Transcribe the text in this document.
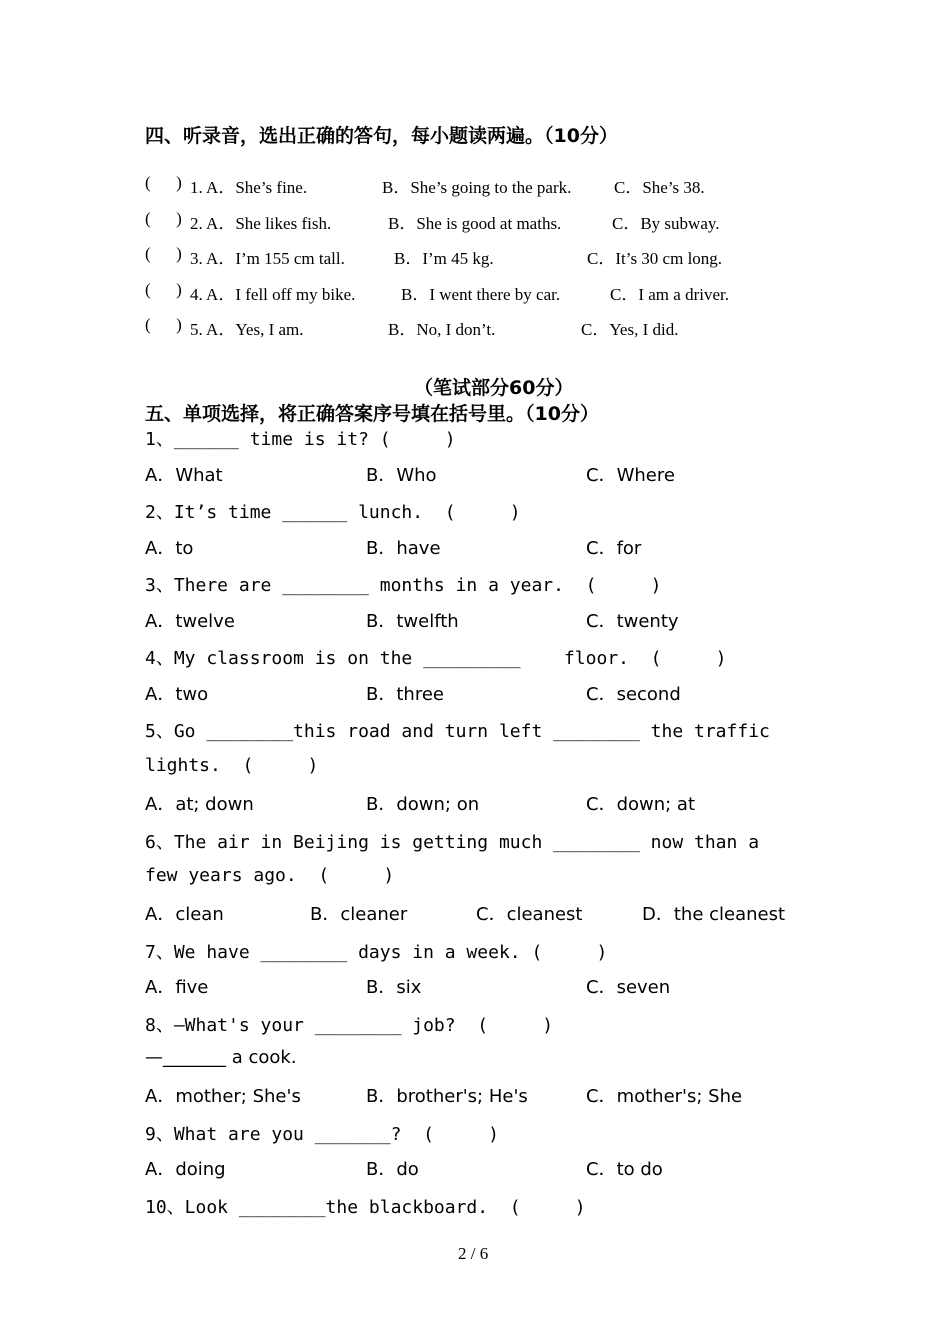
四、听录音，选出正确的答句，每小题读两遍。（10分）
(      ) 1. A．She’s fine.	B．She’s going to the park.	C．She’s 38.
(      ) 2. A．She likes fish.	B．She is good at maths.	C．By subway.
(      ) 3. A．I’m 155 cm tall.	B．I’m 45 kg.	C．It’s 30 cm long.
(      ) 4. A．I fell off my bike.	B．I went there by car.	C．I am a driver.
(      ) 5. A．Yes, I am.	B．No, I don’t.	C．Yes, I did.
（笔试部分60分）
五、单项选择，将正确答案序号填在括号里。（10分）
1、______ time is it? (     )
A．What	B．Who	C．Where
2、It’s time ______ lunch.  (     )
A．to	B．have	C．for
3、There are ________ months in a year.  (     )
A．twelve	B．twelfth	C．twenty
4、My classroom is on the _________    floor.  (     )
A．two	B．three	C．second
5、Go ________this road and turn left ________ the traffic
lights.  (     )
A．at; down	B．down; on	C．down; at
6、The air in Beijing is getting much ________ now than a
few years ago.  (     )
A．clean	B．cleaner	C．cleanest	D．the cleanest
7、We have ________ days in a week. (     )
A．five	B．six	C．seven
8、—What's your ________ job?  (     )
—_______ a cook.
A．mother; She's	B．brother's; He's	C．mother's; She
9、What are you _______?  (     )
A．doing	B．do	C．to do
10、Look ________the blackboard.  (     )
2 / 6
